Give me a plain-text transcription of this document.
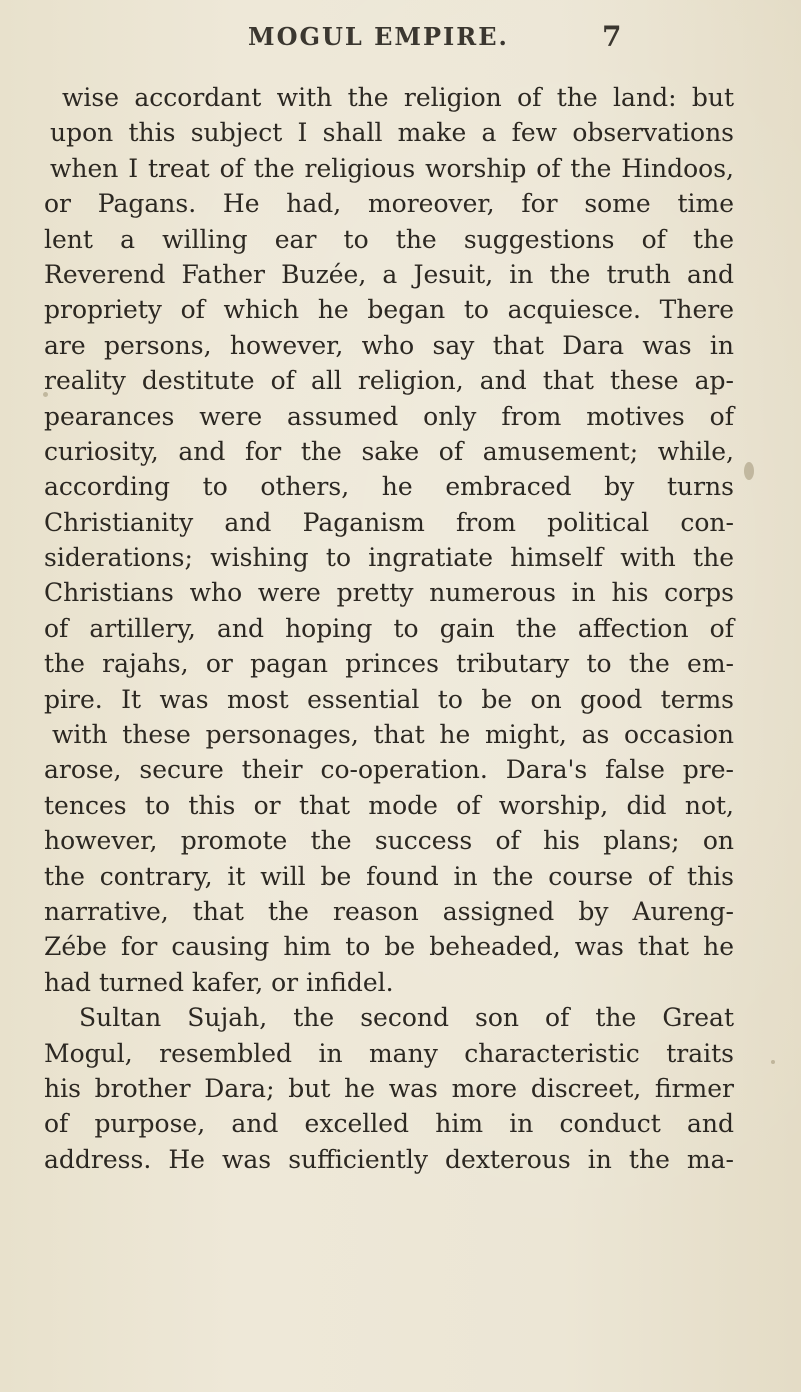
MOGUL EMPIRE.	7
wise accordant with the religion of the land: but
upon this subject I shall make a few observations
when I treat of the religious worship of the Hindoos,
or Pagans. He had, moreover, for some time
lent a willing ear to the suggestions of the
Reverend Father Buzée, a Jesuit, in the truth and
propriety of which he began to acquiesce. There
are persons, however, who say that Dara was in
reality destitute of all religion, and that these ap-
pearances were assumed only from motives of
curiosity, and for the sake of amusement; while,
according to others, he embraced by turns
Christianity and Paganism from political con-
siderations; wishing to ingratiate himself with the
Christians who were pretty numerous in his corps
of artillery, and hoping to gain the affection of
the rajahs, or pagan princes tributary to the em-
pire. It was most essential to be on good terms
with these personages, that he might, as occasion
arose, secure their co-operation. Dara's false pre-
tences to this or that mode of worship, did not,
however, promote the success of his plans; on
the contrary, it will be found in the course of this
narrative, that the reason assigned by Aureng-
Zébe for causing him to be beheaded, was that he
had turned kafer, or infidel.
Sultan Sujah, the second son of the Great
Mogul, resembled in many characteristic traits
his brother Dara; but he was more discreet, firmer
of purpose, and excelled him in conduct and
address. He was sufficiently dexterous in the ma-
